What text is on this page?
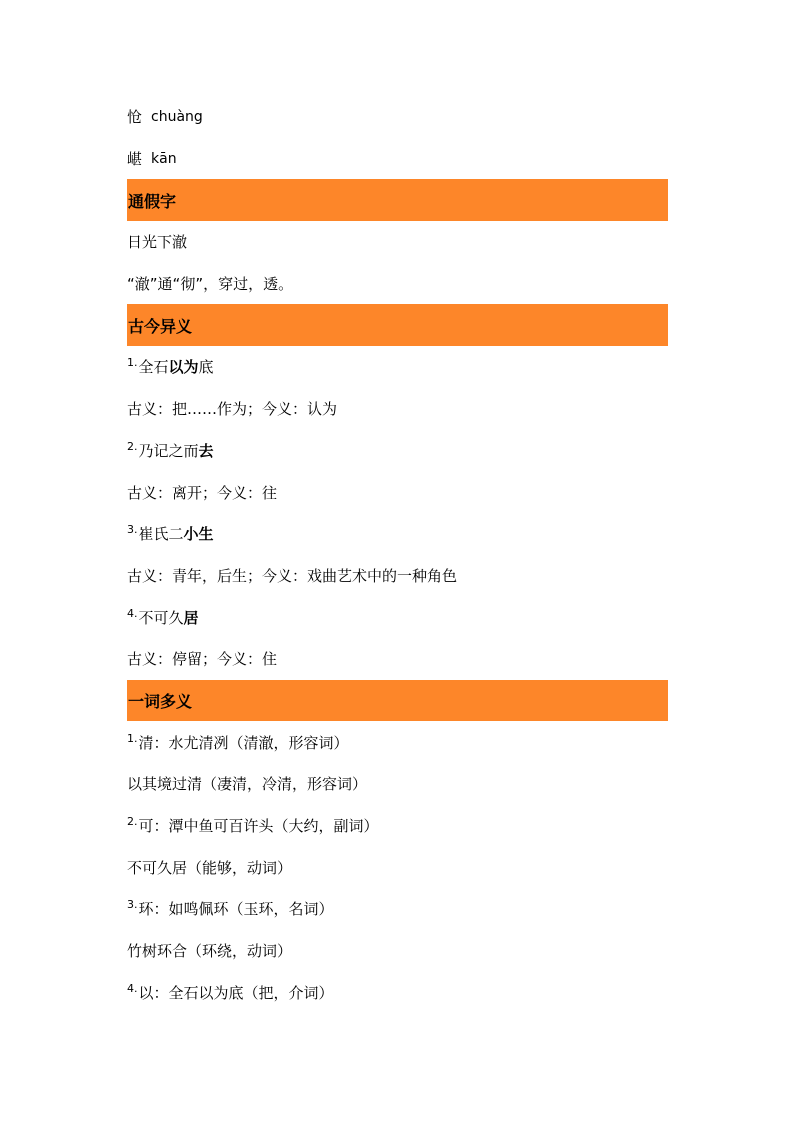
怆 chuàng
嵁 kān
通假字
日光下澈
“澈”通“彻”，穿过，透。
古今异义
1. 全石 以为 底
古义：把……作为；今义：认为
2. 乃记之而 去
古义：离开；今义：往
3. 崔氏二 小生
古义：青年，后生；今义：戏曲艺术中的一种角色
4. 不可久 居
古义：停留；今义：住
一词多义
1. 清：水尤清冽（清澈，形容词）
以其境过清（凄清，冷清，形容词）
2. 可：潭中鱼可百许头（大约，副词）
不可久居（能够，动词）
3. 环：如鸣佩环（玉环，名词）
竹树环合（环绕，动词）
4. 以：全石以为底（把，介词）
